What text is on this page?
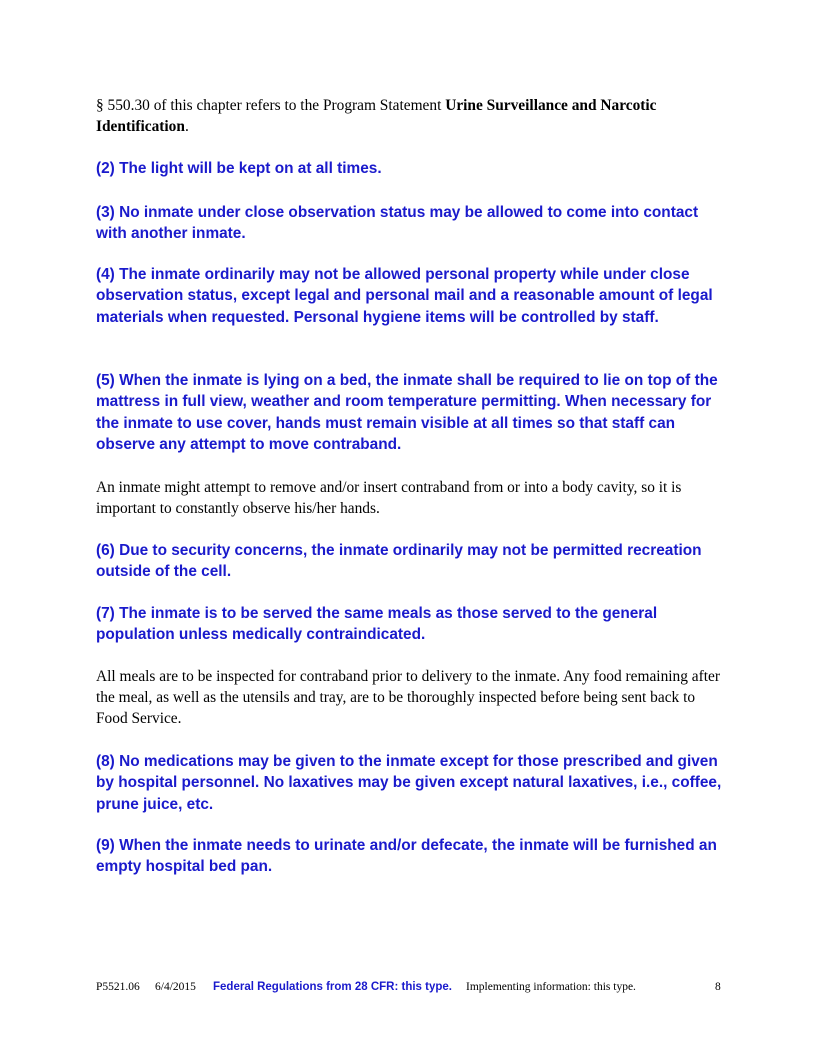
§ 550.30 of this chapter refers to the Program Statement Urine Surveillance and Narcotic Identification.

(2) The light will be kept on at all times.

(3) No inmate under close observation status may be allowed to come into contact with another inmate.

(4) The inmate ordinarily may not be allowed personal property while under close observation status, except legal and personal mail and a reasonable amount of legal materials when requested. Personal hygiene items will be controlled by staff.

(5) When the inmate is lying on a bed, the inmate shall be required to lie on top of the mattress in full view, weather and room temperature permitting. When necessary for the inmate to use cover, hands must remain visible at all times so that staff can observe any attempt to move contraband.

An inmate might attempt to remove and/or insert contraband from or into a body cavity, so it is important to constantly observe his/her hands.

(6) Due to security concerns, the inmate ordinarily may not be permitted recreation outside of the cell.

(7) The inmate is to be served the same meals as those served to the general population unless medically contraindicated.

All meals are to be inspected for contraband prior to delivery to the inmate. Any food remaining after the meal, as well as the utensils and tray, are to be thoroughly inspected before being sent back to Food Service.

(8) No medications may be given to the inmate except for those prescribed and given by hospital personnel. No laxatives may be given except natural laxatives, i.e., coffee, prune juice, etc.

(9) When the inmate needs to urinate and/or defecate, the inmate will be furnished an empty hospital bed pan.

P5521.06 6/4/2015 Federal Regulations from 28 CFR: this type. Implementing information: this type.	8
